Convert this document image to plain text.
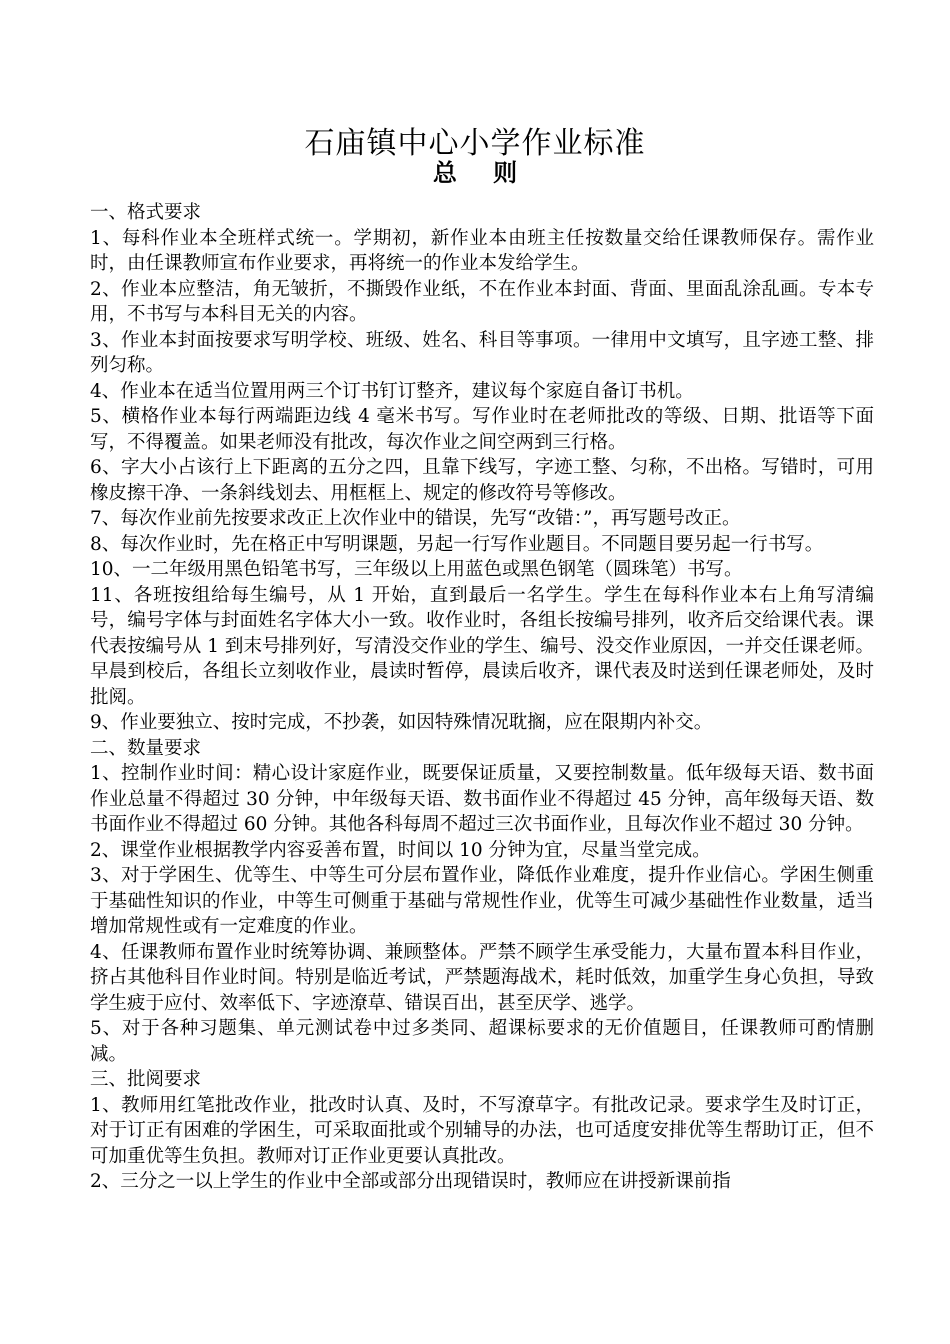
石庙镇中心小学作业标准
总 则

一、格式要求

1、每科作业本全班样式统一。学期初，新作业本由班主任按数量交给任课教师保存。需作业时，由任课教师宣布作业要求，再将统一的作业本发给学生。

2、作业本应整洁，角无皱折，不撕毁作业纸，不在作业本封面、背面、里面乱涂乱画。专本专用，不书写与本科目无关的内容。

3、作业本封面按要求写明学校、班级、姓名、科目等事项。一律用中文填写，且字迹工整、排列匀称。

4、作业本在适当位置用两三个订书钉订整齐，建议每个家庭自备订书机。

5、横格作业本每行两端距边线 4 毫米书写。写作业时在老师批改的等级、日期、批语等下面写，不得覆盖。如果老师没有批改，每次作业之间空两到三行格。

6、字大小占该行上下距离的五分之四，且靠下线写，字迹工整、匀称，不出格。写错时，可用橡皮擦干净、一条斜线划去、用框框上、规定的修改符号等修改。

7、每次作业前先按要求改正上次作业中的错误，先写“改错：”，再写题号改正。

8、每次作业时，先在格正中写明课题，另起一行写作业题目。不同题目要另起一行书写。

10、一二年级用黑色铅笔书写，三年级以上用蓝色或黑色钢笔（圆珠笔）书写。

11、各班按组给每生编号，从 1 开始，直到最后一名学生。学生在每科作业本右上角写清编号，编号字体与封面姓名字体大小一致。收作业时，各组长按编号排列，收齐后交给课代表。课代表按编号从 1 到末号排列好，写清没交作业的学生、编号、没交作业原因，一并交任课老师。早晨到校后，各组长立刻收作业，晨读时暂停，晨读后收齐，课代表及时送到任课老师处，及时批阅。

9、作业要独立、按时完成，不抄袭，如因特殊情况耽搁，应在限期内补交。

二、数量要求

1、控制作业时间：精心设计家庭作业，既要保证质量，又要控制数量。低年级每天语、数书面作业总量不得超过 30 分钟，中年级每天语、数书面作业不得超过 45 分钟，高年级每天语、数书面作业不得超过 60 分钟。其他各科每周不超过三次书面作业，且每次作业不超过 30 分钟。

2、课堂作业根据教学内容妥善布置，时间以 10 分钟为宜，尽量当堂完成。

3、对于学困生、优等生、中等生可分层布置作业，降低作业难度，提升作业信心。学困生侧重于基础性知识的作业，中等生可侧重于基础与常规性作业，优等生可减少基础性作业数量，适当增加常规性或有一定难度的作业。

4、任课教师布置作业时统筹协调、兼顾整体。严禁不顾学生承受能力，大量布置本科目作业，挤占其他科目作业时间。特别是临近考试，严禁题海战术，耗时低效，加重学生身心负担，导致学生疲于应付、效率低下、字迹潦草、错误百出，甚至厌学、逃学。

5、对于各种习题集、单元测试卷中过多类同、超课标要求的无价值题目，任课教师可酌情删减。

三、批阅要求

1、教师用红笔批改作业，批改时认真、及时，不写潦草字。有批改记录。要求学生及时订正，对于订正有困难的学困生，可采取面批或个别辅导的办法，也可适度安排优等生帮助订正，但不可加重优等生负担。教师对订正作业更要认真批改。

2、三分之一以上学生的作业中全部或部分出现错误时，教师应在讲授新课前指
